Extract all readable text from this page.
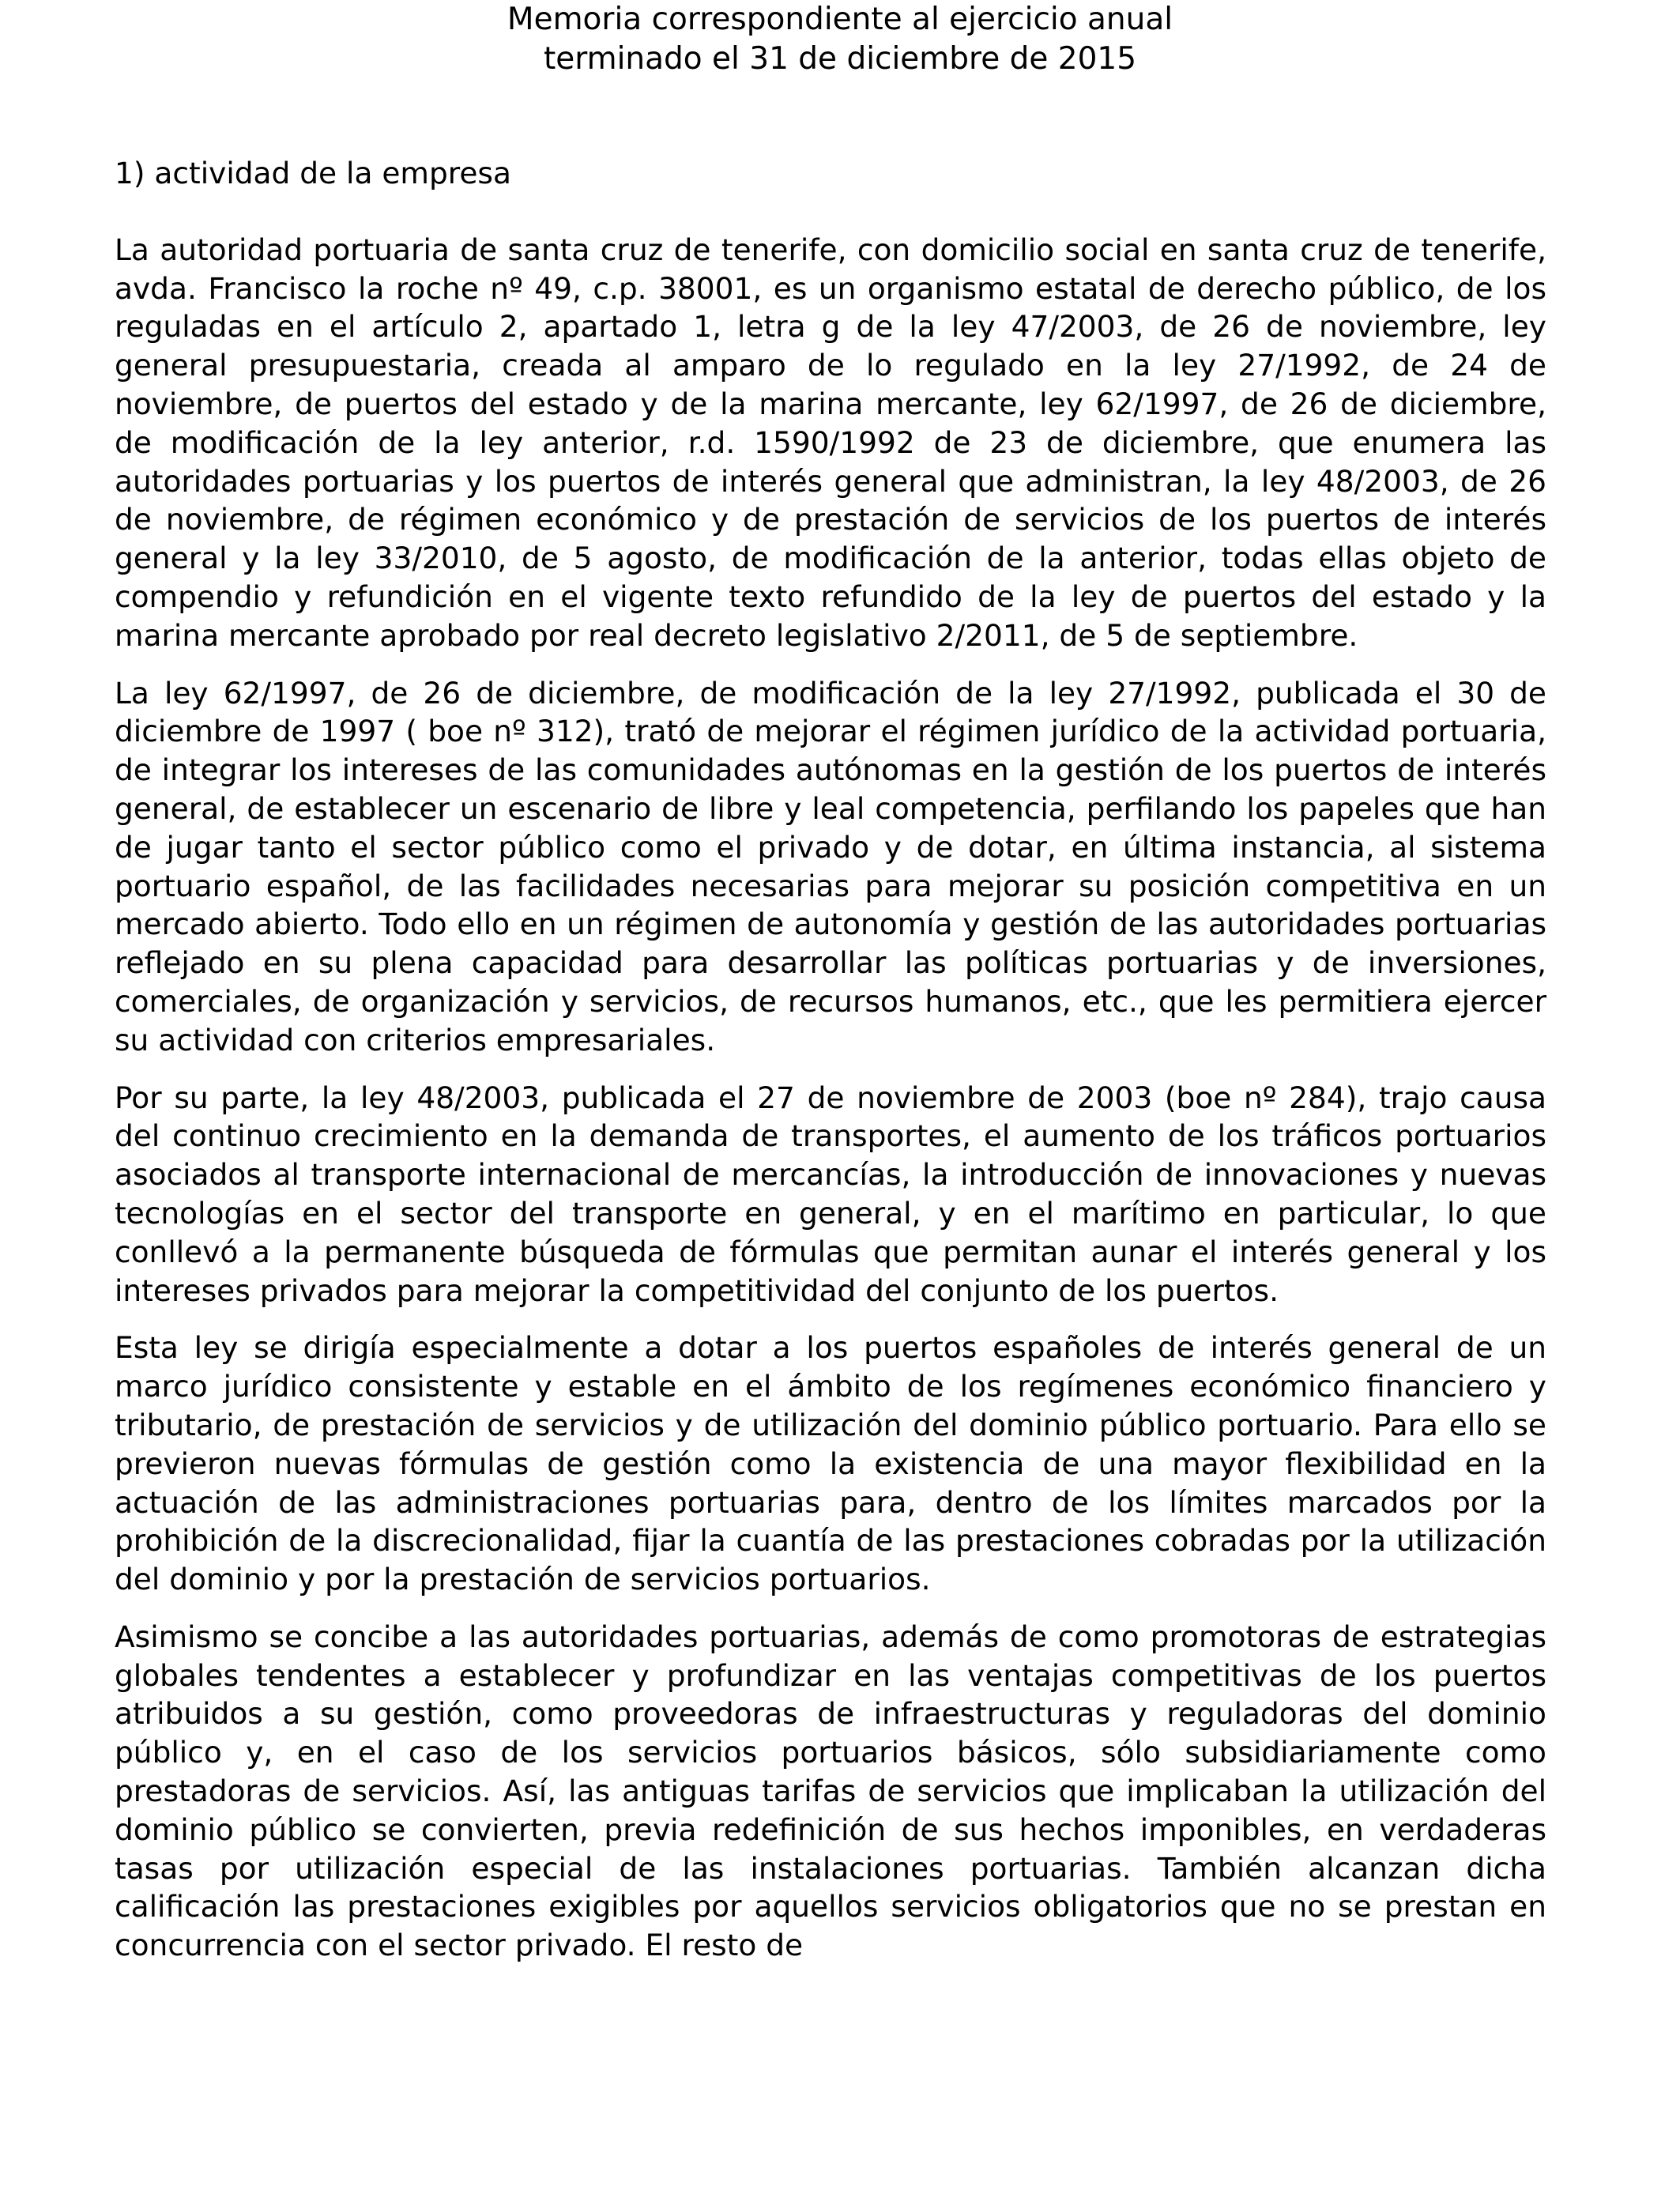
Memoria correspondiente al ejercicio anual
terminado el 31 de diciembre de 2015
1) actividad de la empresa

La autoridad portuaria de santa cruz de tenerife, con domicilio social en santa cruz de tenerife, avda. Francisco la roche nº 49, c.p. 38001, es un organismo estatal de derecho público, de los reguladas en el artículo 2, apartado 1, letra g de la ley 47/2003, de 26 de noviembre, ley general presupuestaria, creada al amparo de lo regulado en la ley 27/1992, de 24 de noviembre, de puertos del estado y de la marina mercante, ley 62/1997, de 26 de diciembre, de modificación de la ley anterior, r.d. 1590/1992 de 23 de diciembre, que enumera las autoridades portuarias y los puertos de interés general que administran, la ley 48/2003, de 26 de noviembre, de régimen económico y de prestación de servicios de los puertos de interés general y la ley 33/2010, de 5 agosto, de modificación de la anterior, todas ellas objeto de compendio y refundición en el vigente texto refundido de la ley de puertos del estado y la marina mercante aprobado por real decreto legislativo 2/2011, de 5 de septiembre.

La ley 62/1997, de 26 de diciembre, de modificación de la ley 27/1992, publicada el 30 de diciembre de 1997 ( boe nº 312), trató de mejorar el régimen jurídico de la actividad portuaria, de integrar los intereses de las comunidades autónomas en la gestión de los puertos de interés general, de establecer un escenario de libre y leal competencia, perfilando los papeles que han de jugar tanto el sector público como el privado y de dotar, en última instancia, al sistema portuario español, de las facilidades necesarias para mejorar su posición competitiva en un mercado abierto. Todo ello en un régimen de autonomía y gestión de las autoridades portuarias reflejado en su plena capacidad para desarrollar las políticas portuarias y de inversiones, comerciales, de organización y servicios, de recursos humanos, etc., que les permitiera ejercer su actividad con criterios empresariales.

Por su parte, la ley 48/2003, publicada el 27 de noviembre de 2003 (boe nº 284), trajo causa del continuo crecimiento en la demanda de transportes, el aumento de los tráficos portuarios asociados al transporte internacional de mercancías, la introducción de innovaciones y nuevas tecnologías en el sector del transporte en general, y en el marítimo en particular, lo que conllevó a la permanente búsqueda de fórmulas que permitan aunar el interés general y los intereses privados para mejorar la competitividad del conjunto de los puertos.

Esta ley se dirigía especialmente a dotar a los puertos españoles de interés general de un marco jurídico consistente y estable en el ámbito de los regímenes económico financiero y tributario, de prestación de servicios y de utilización del dominio público portuario. Para ello se previeron nuevas fórmulas de gestión como la existencia de una mayor flexibilidad en la actuación de las administraciones portuarias para, dentro de los límites marcados por la prohibición de la discrecionalidad, fijar la cuantía de las prestaciones cobradas por la utilización del dominio y por la prestación de servicios portuarios.

Asimismo se concibe a las autoridades portuarias, además de como promotoras de estrategias globales tendentes a establecer y profundizar en las ventajas competitivas de los puertos atribuidos a su gestión, como proveedoras de infraestructuras y reguladoras del dominio público y, en el caso de los servicios portuarios básicos, sólo subsidiariamente como prestadoras de servicios. Así, las antiguas tarifas de servicios que implicaban la utilización del dominio público se convierten, previa redefinición de sus hechos imponibles, en verdaderas tasas por utilización especial de las instalaciones portuarias. También alcanzan dicha calificación las prestaciones exigibles por aquellos servicios obligatorios que no se prestan en concurrencia con el sector privado. El resto de
